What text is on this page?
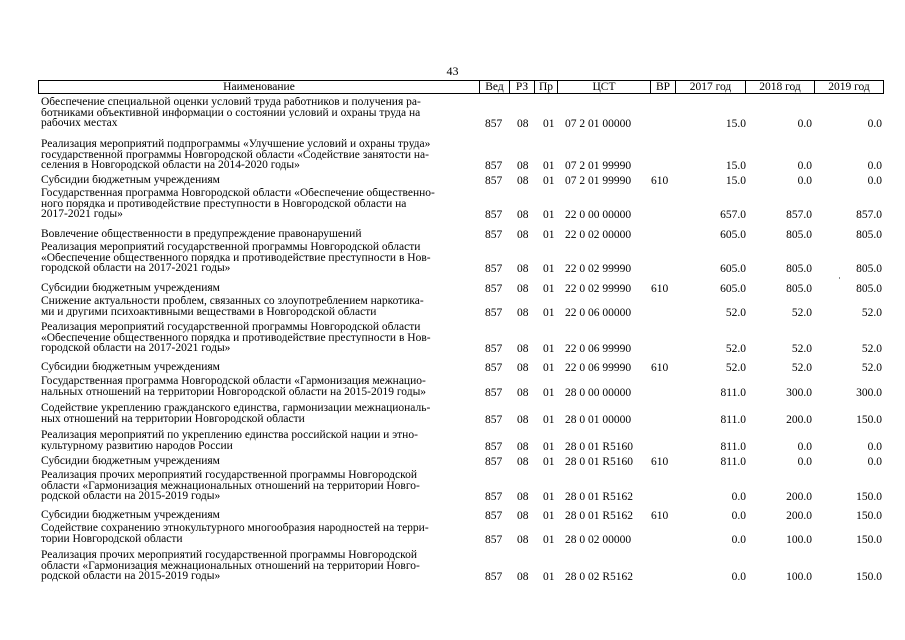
43
Наименование	Вед	РЗ Пр	ЦСТ	ВР	2017 год	2018 год	2019 год
Обеспечение специальной оценки условий труда работников и получения ра-
ботниками объективной информации о состоянии условий и охраны труда на
рабочих местах	857 08 01 07 2 01 00000	15.0	0.0	0.0
Реализация мероприятий подпрограммы «Улучшение условий и охраны труда»
государственной программы Новгородской области «Содействие занятости на-
селения в Новгородской области на 2014-2020 годы»	857 08 01 07 2 01 99990	15.0	0.0	0.0
Субсидии бюджетным учреждениям	857 08 01 07 2 01 99990 610	15.0	0.0	0.0
Государственная программа Новгородской области «Обеспечение общественно-
ного порядка и противодействие преступности в Новгородской области на
2017-2021 годы»	857 08 01 22 0 00 00000	657.0	857.0	857.0
Вовлечение общественности в предупреждение правонарушений	857 08 01 22 0 02 00000	605.0	805.0	805.0
Реализация мероприятий государственной программы Новгородской области
«Обеспечение общественного порядка и противодействие преступности в Нов-
городской области на 2017-2021 годы»	857 08 01 22 0 02 99990	605.0	805.0	805.0
Субсидии бюджетным учреждениям	857 08 01 22 0 02 99990 610	605.0	805.0	805.0
Снижение актуальности проблем, связанных со злоупотреблением наркотика-
ми и другими психоактивными веществами в Новгородской области	857 08 01 22 0 06 00000	52.0	52.0	52.0
Реализация мероприятий государственной программы Новгородской области
«Обеспечение общественного порядка и противодействие преступности в Нов-
городской области на 2017-2021 годы»	857 08 01 22 0 06 99990	52.0	52.0	52.0
Субсидии бюджетным учреждениям	857 08 01 22 0 06 99990 610	52.0	52.0	52.0
Государственная программа Новгородской области «Гармонизация межнацио-
нальных отношений на территории Новгородской области на 2015-2019 годы»	857 08 01 28 0 00 00000	811.0	300.0	300.0
Содействие укреплению гражданского единства, гармонизации межнациональ-
ных отношений на территории Новгородской области	857 08 01 28 0 01 00000	811.0	200.0	150.0
Реализация мероприятий по укреплению единства российской нации и этно-
культурному развитию народов России	857 08 01 28 0 01 R5160	811.0	0.0	0.0
Субсидии бюджетным учреждениям	857 08 01 28 0 01 R5160 610	811.0	0.0	0.0
Реализация прочих мероприятий государственной программы Новгородской
области «Гармонизация межнациональных отношений на территории Новго-
родской области на 2015-2019 годы»	857 08 01 28 0 01 R5162	0.0	200.0	150.0
Субсидии бюджетным учреждениям	857 08 01 28 0 01 R5162 610	0.0	200.0	150.0
Содействие сохранению этнокультурного многообразия народностей на терри-
тории Новгородской области	857 08 01 28 0 02 00000	0.0	100.0	150.0
Реализация прочих мероприятий государственной программы Новгородской
области «Гармонизация межнациональных отношений на территории Новго-
родской области на 2015-2019 годы»	857 08 01 28 0 02 R5162	0.0	100.0	150.0
